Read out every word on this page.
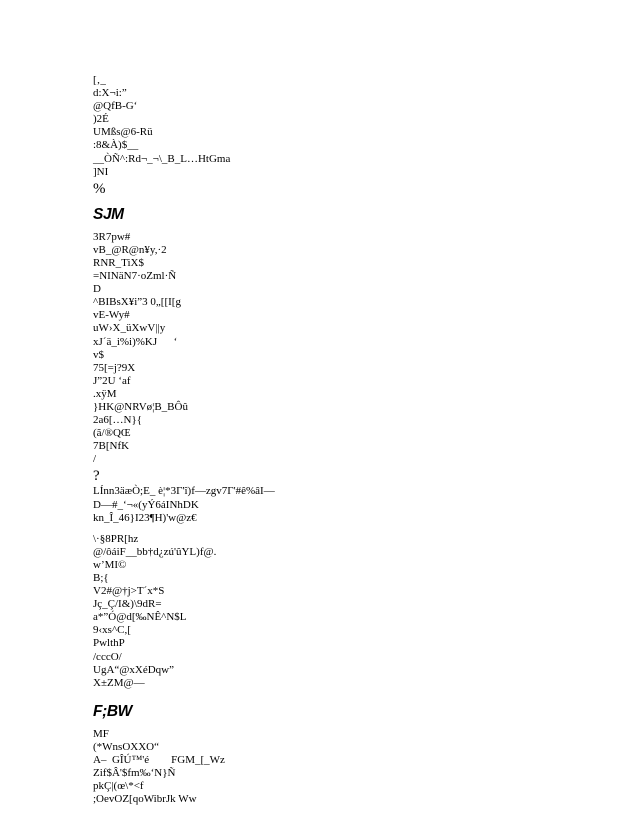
[‚_
d:X¬i:”
@QfB-G‘
)2É
UMßs@6-Rü
:8&À)$__
__ÒÑ^:Rd¬_¬\_B_L…HtGma
]NI
%
SJM
3R7pw#
vB_@R@n¥y,·2
RNR_TiX$
=NINäN7·oZml·Ñ
D
^BIBsX¥i”3 0„[[I[g
vE-Wy#
uW›X_üXwV||y
xJ´ä_i%i)%KJ      ‘
v$
75[=j?9X
J”2U ‘af
.xÿM
}HK@NRVø¦B_BÔû
2a6[…N}{
(ã/®QŒ
7B[NfK
/
?
LÍnn3äæÒ;E_ è¦*3Γ'î)f—zgv7Γ'#ê%âI—
D—#_‘¬«(yÝ6áINhDK
kn_Î_46}I23¶H)'w@z€
\·§8PR[hz
@/ôáiF__bb†d¿zú'ûYL)f@.
w’MI©
B;{
V2#@†j>T´x*S
Jç_Ç/I&)\9dR=
a*”Ó@d[‰NÊ^N$L
9‹xs^C,[
PwlthP
/cccO/
UgA“@xXéDqw”
X±ZM@—
F;BW
MF
(*WnsOXXO“
A–  GÎÚ™'é        FGM_[_Wz
Zif$Â'$fm‰‘N}Ñ
pkÇ|(œ\*<f
;OevOZ[qoWibrJk Ww
